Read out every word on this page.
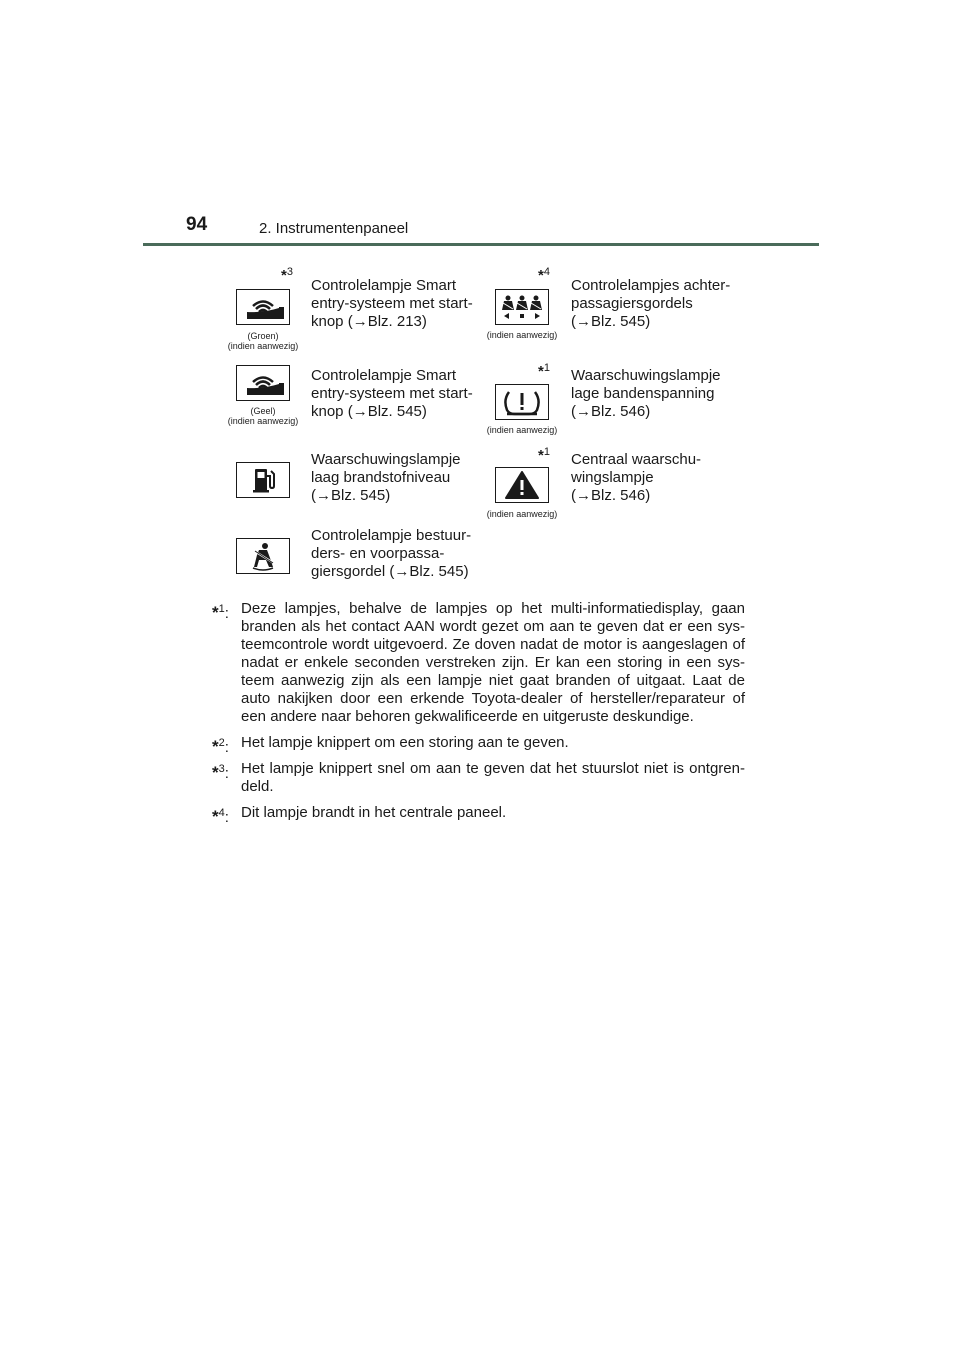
94	2. Instrumentenpaneel
*3
(Groen)
(indien aanwezig)
Controlelampje Smart
entry-systeem met start-
knop (→Blz. 213)
(Geel)
(indien aanwezig)
Controlelampje Smart
entry-systeem met start-
knop (→Blz. 545)
Waarschuwingslampje
laag brandstofniveau
(→Blz. 545)
Controlelampje bestuur-
ders- en voorpassa-
giersgordel (→Blz. 545)
*4
(indien aanwezig)
Controlelampjes achter-
passagiersgordels
(→Blz. 545)
*1
(indien aanwezig)
Waarschuwingslampje
lage bandenspanning
(→Blz. 546)
*1
(indien aanwezig)
Centraal waarschu-
wingslampje
(→Blz. 546)
*$^1$: Deze lampjes, behalve de lampjes op het multi-informatiedisplay, gaan branden als het contact AAN wordt gezet om aan te geven dat er een systeemcontrole wordt uitgevoerd. Ze doven nadat de motor is aangeslagen of nadat er enkele seconden verstreken zijn. Er kan een storing in een systeem aanwezig zijn als een lampje niet gaat branden of uitgaat. Laat de auto nakijken door een erkende Toyota-dealer of hersteller/reparateur of een andere naar behoren gekwalificeerde en uitgeruste deskundige.
*$^2$: Het lampje knippert om een storing aan te geven.
*$^3$: Het lampje knippert snel om aan te geven dat het stuurslot niet is ontgrendeld.
*$^4$: Dit lampje brandt in het centrale paneel.
